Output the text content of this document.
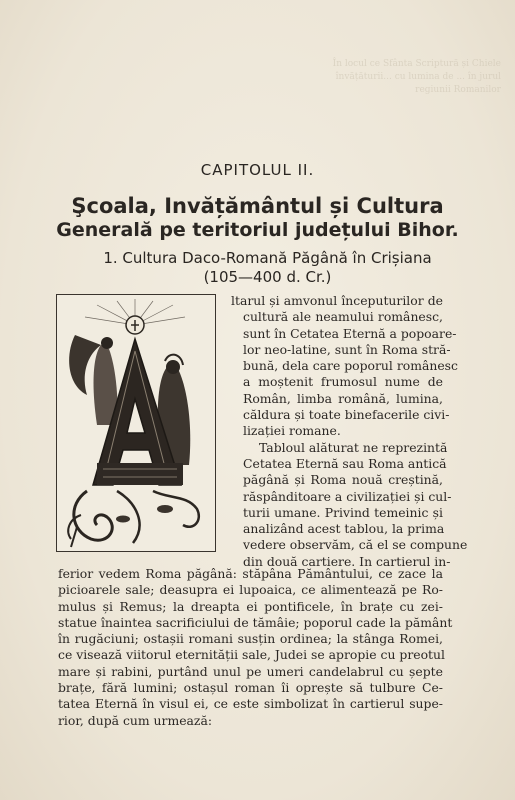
În locul ce Sfânta Scriptură și Chiele învățăturii... cu lumina de ... în jurul regiunii Romanilor
CAPITOLUL II.
Şcoala, Invățământul și Cultura
Generală pe teritoriul județului Bihor.
1. Cultura Daco-Romană Păgână în Crișiana
(105—400 d. Cr.)
ltarul și amvonul începuturilor de
cultură ale neamului românesc,
sunt în Cetatea Eternă a popoare-
lor neo-latine, sunt în Roma stră-
bună, dela care poporul românesc
a moștenit frumosul nume de
Român, limba română, lumina,
căldura și toate binefacerile civi-
lizației romane.
Tabloul alăturat ne reprezintă
Cetatea Eternă sau Roma antică
păgână și Roma nouă creștină,
răspânditoare a civilizației și cul-
turii umane. Privind temeinic și
analizând acest tablou, la prima
vedere observăm, că el se compune
din două cartiere. In cartierul in-
ferior vedem Roma păgână: stăpâna Pământului, ce zace la
picioarele sale; deasupra ei lupoaica, ce alimentează pe Ro-
mulus și Remus; la dreapta ei pontificele, în brațe cu zei-
statue înaintea sacrificiului de tămâie; poporul cade la pământ
în rugăciuni; ostașii romani susțin ordinea; la stânga Romei,
ce visează viitorul eternității sale, Judei se apropie cu preotul
mare și rabini, purtând unul pe umeri candelabrul cu șepte
brațe, fără lumini; ostașul roman îi oprește să tulbure Ce-
tatea Eternă în visul ei, ce este simbolizat în cartierul supe-
rior, după cum urmează:
